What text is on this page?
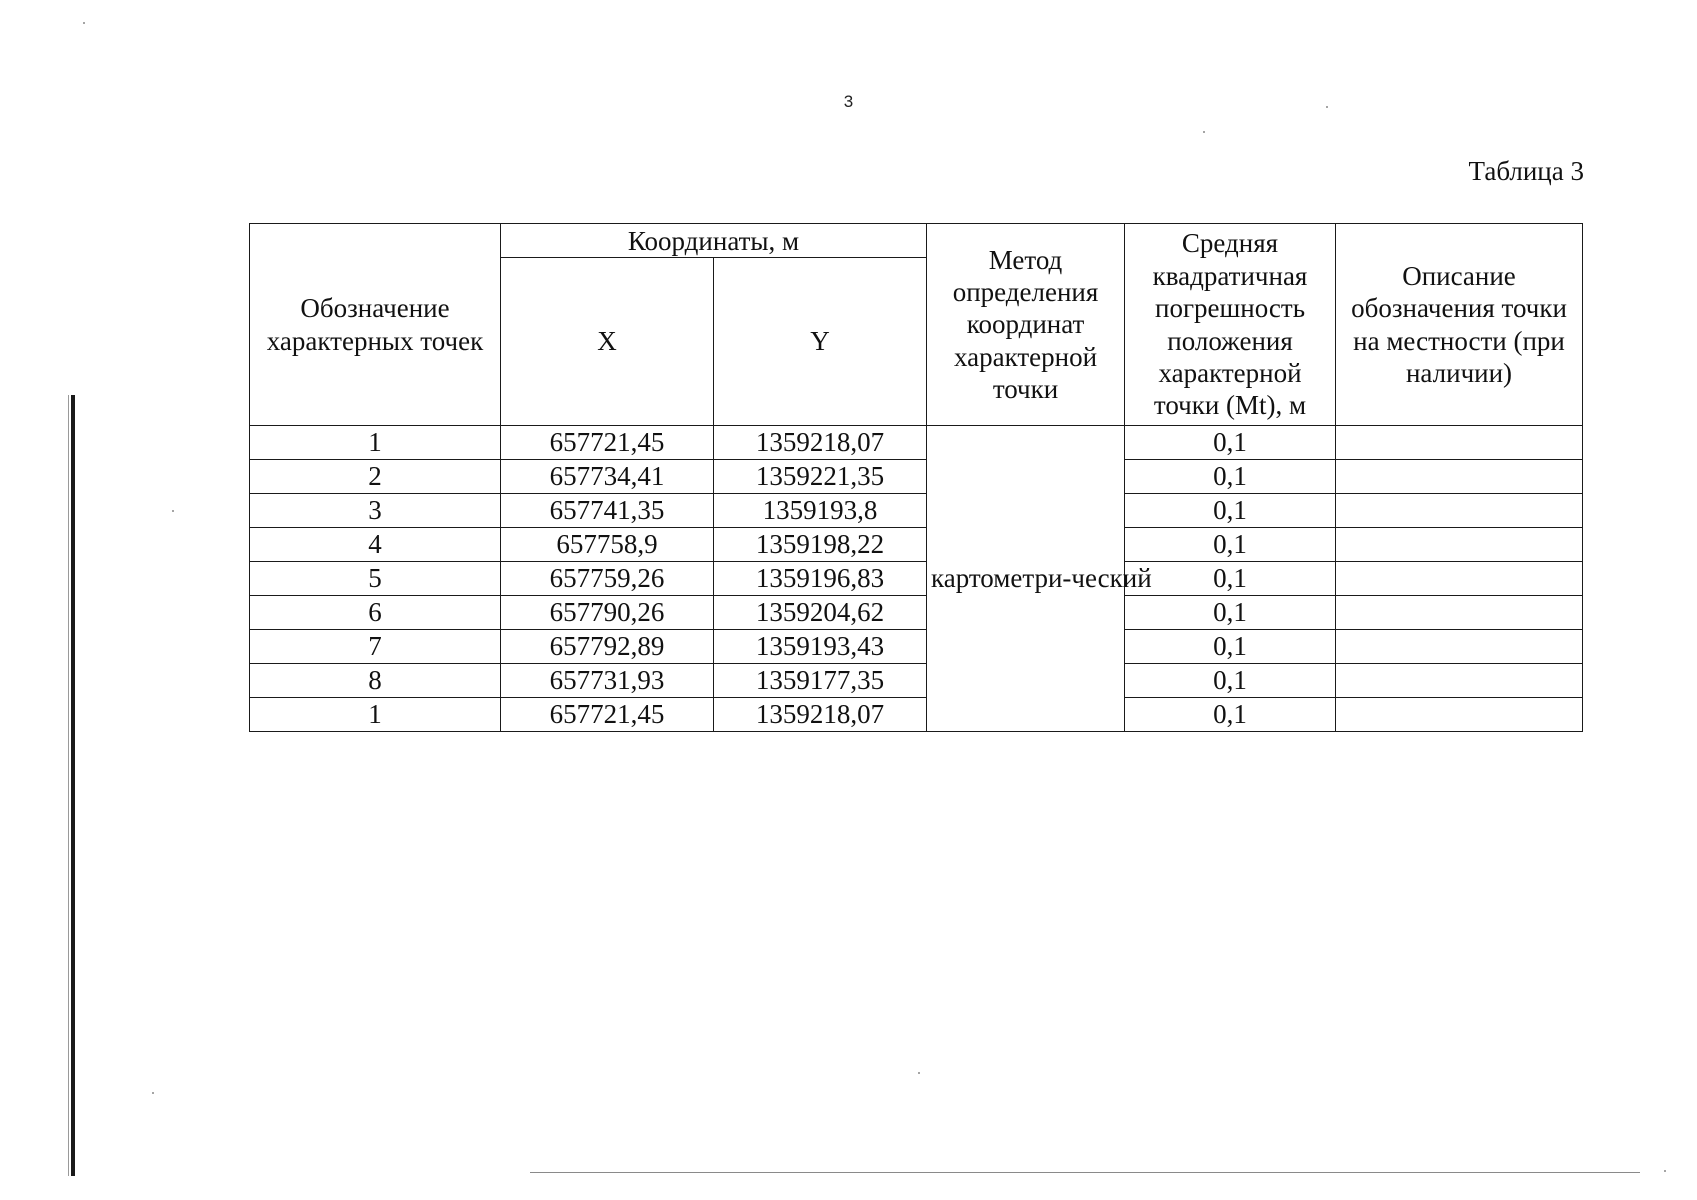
3
Таблица 3
Обозначение характерных точек	Координаты, м		Метод определения координат характерной точки	Средняя квадратичная погрешность положения характерной точки (Mt), м	Описание обозначения точки на местности (при наличии)
	X	Y			
1	657721,45	1359218,07	картометри-ческий	0,1	
2	657734,41	1359221,35		0,1	
3	657741,35	1359193,8		0,1	
4	657758,9	1359198,22		0,1	
5	657759,26	1359196,83		0,1	
6	657790,26	1359204,62		0,1	
7	657792,89	1359193,43		0,1	
8	657731,93	1359177,35		0,1	
1	657721,45	1359218,07		0,1	
